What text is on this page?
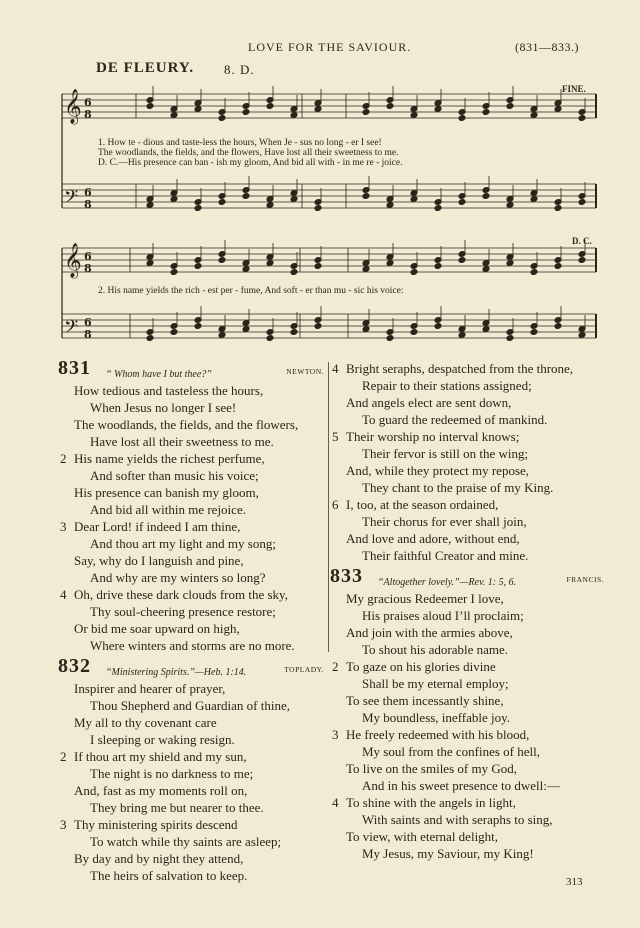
LOVE FOR THE SAVIOUR.	(831—833.)
DE FLEURY. 8. D.
FINE.
D. C.
𝄞 6
8
𝄢 6
8
𝄞 6
8
𝄢 6
8
1. How te - dious and taste-less the hours, When Je - sus no long - er I see!
The woodlands, the fields, and the flowers, Have lost all their sweetness to me.
D. C.—His presence can ban - ish my gloom, And bid all with - in me re - joice.
2. His name yields the rich - est per - fume, And soft - er than mu - sic his voice:
831 “ Whom have I but thee?”	NEWTON.
How tedious and tasteless the hours,
When Jesus no longer I see!
The woodlands, the fields, and the flowers,
Have lost all their sweetness to me.
2 His name yields the richest perfume,
And softer than music his voice;
His presence can banish my gloom,
And bid all within me rejoice.
3 Dear Lord! if indeed I am thine,
And thou art my light and my song;
Say, why do I languish and pine,
And why are my winters so long?
4 Oh, drive these dark clouds from the sky,
Thy soul-cheering presence restore;
Or bid me soar upward on high,
Where winters and storms are no more.
832 “Ministering Spirits.”—Heb. 1:14.	TOPLADY.
Inspirer and hearer of prayer,
Thou Shepherd and Guardian of thine,
My all to thy covenant care
I sleeping or waking resign.
2 If thou art my shield and my sun,
The night is no darkness to me;
And, fast as my moments roll on,
They bring me but nearer to thee.
3 Thy ministering spirits descend
To watch while thy saints are asleep;
By day and by night they attend,
The heirs of salvation to keep.
4 Bright seraphs, despatched from the throne,
Repair to their stations assigned;
And angels elect are sent down,
To guard the redeemed of mankind.
5 Their worship no interval knows;
Their fervor is still on the wing;
And, while they protect my repose,
They chant to the praise of my King.
6 I, too, at the season ordained,
Their chorus for ever shall join,
And love and adore, without end,
Their faithful Creator and mine.
833 “Altogether lovely.”—Rev. 1: 5, 6.	FRANCIS.
My gracious Redeemer I love,
His praises aloud I’ll proclaim;
And join with the armies above,
To shout his adorable name.
2 To gaze on his glories divine
Shall be my eternal employ;
To see them incessantly shine,
My boundless, ineffable joy.
3 He freely redeemed with his blood,
My soul from the confines of hell,
To live on the smiles of my God,
And in his sweet presence to dwell:—
4 To shine with the angels in light,
With saints and with seraphs to sing,
To view, with eternal delight,
My Jesus, my Saviour, my King!
313
